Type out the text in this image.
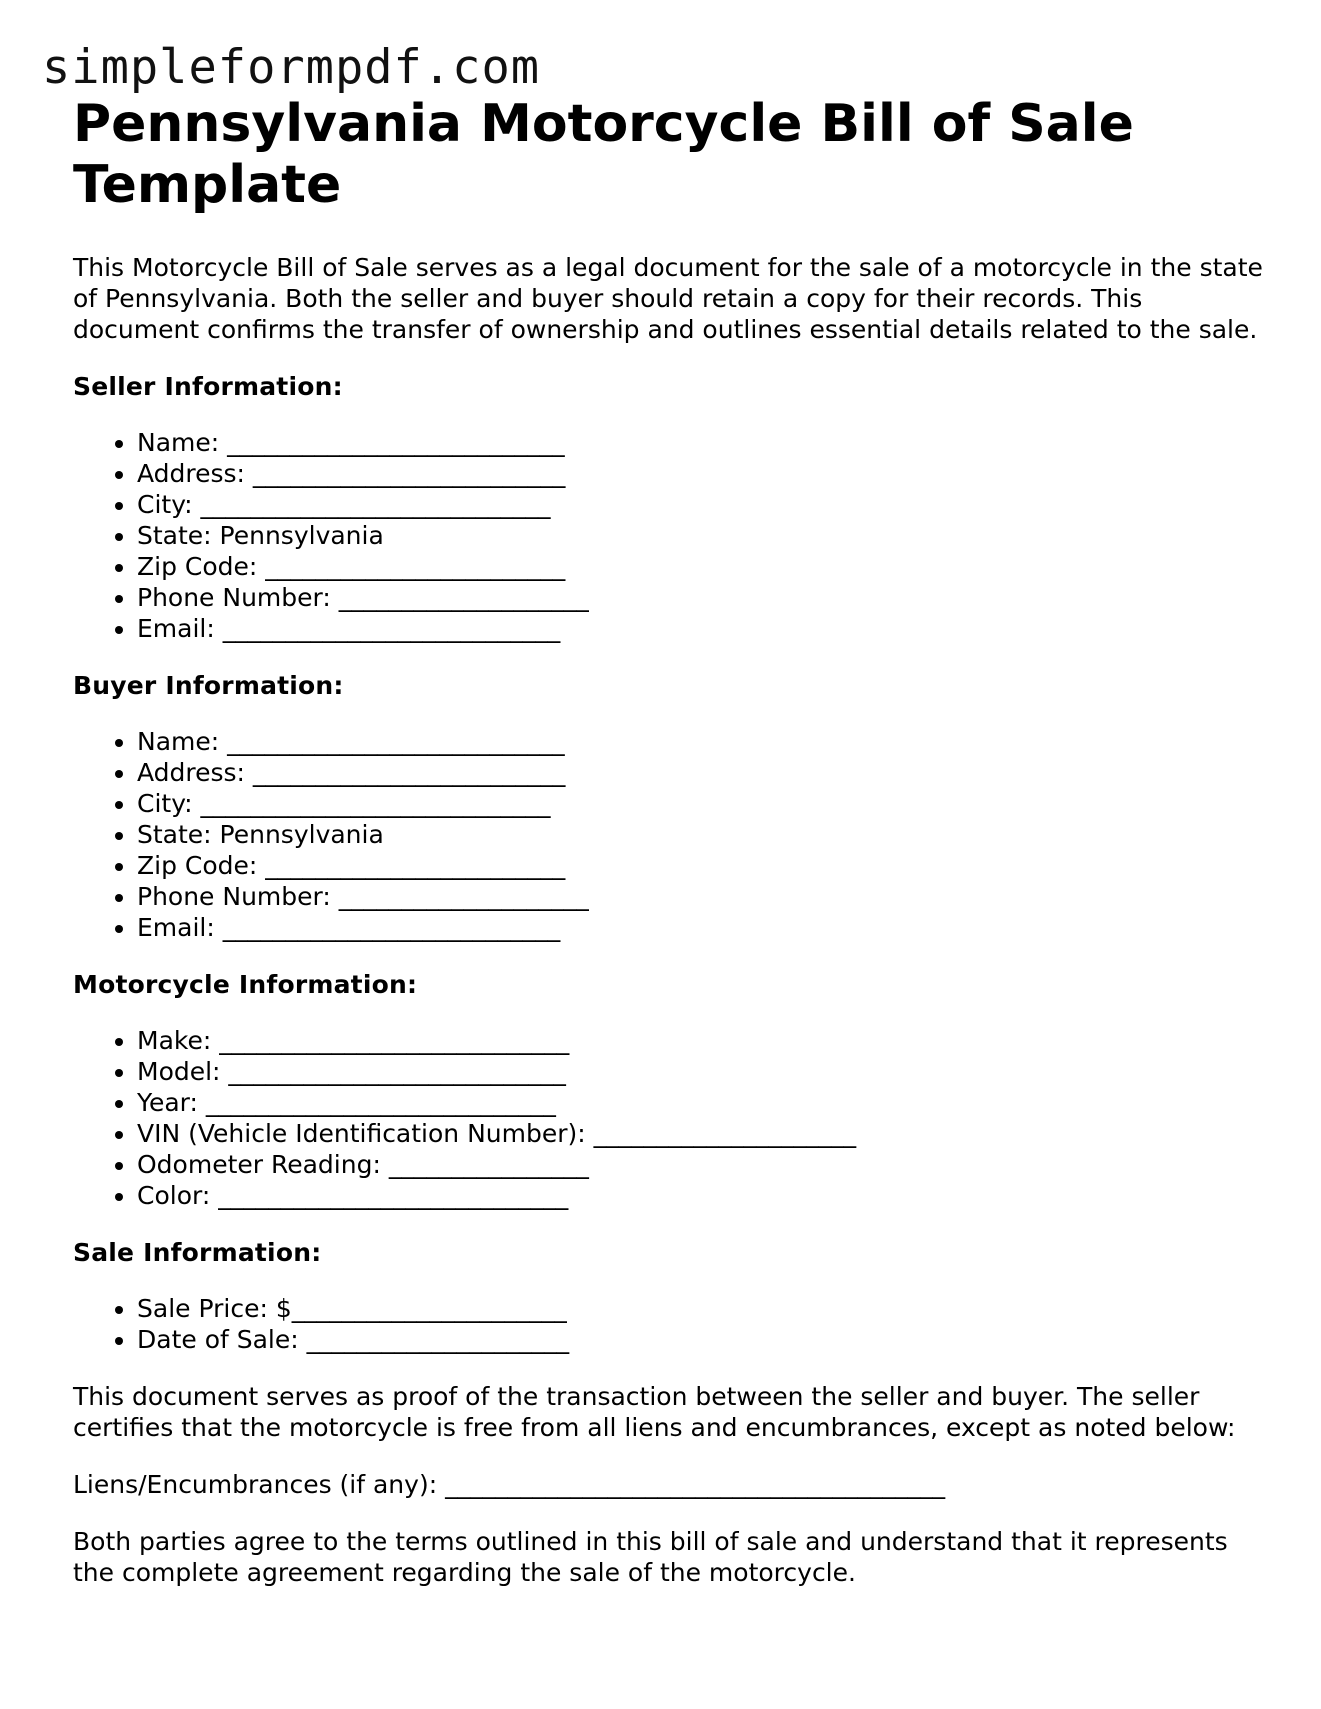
simpleformpdf.com
Pennsylvania Motorcycle Bill of Sale Template

This Motorcycle Bill of Sale serves as a legal document for the sale of a motorcycle in the state of Pennsylvania. Both the seller and buyer should retain a copy for their records. This document confirms the transfer of ownership and outlines essential details related to the sale.

Seller Information:
• Name: ___________________________
• Address: _________________________
• City: ____________________________
• State: Pennsylvania
• Zip Code: ________________________
• Phone Number: ____________________
• Email: ___________________________
Buyer Information:
• Name: ___________________________
• Address: _________________________
• City: ____________________________
• State: Pennsylvania
• Zip Code: ________________________
• Phone Number: ____________________
• Email: ___________________________
Motorcycle Information:
• Make: ____________________________
• Model: ___________________________
• Year: ____________________________
• VIN (Vehicle Identification Number): _____________________
• Odometer Reading: ________________
• Color: ____________________________
Sale Information:
• Sale Price: $______________________
• Date of Sale: _____________________

This document serves as proof of the transaction between the seller and buyer. The seller certifies that the motorcycle is free from all liens and encumbrances, except as noted below:

Liens/Encumbrances (if any): ________________________________________

Both parties agree to the terms outlined in this bill of sale and understand that it represents the complete agreement regarding the sale of the motorcycle.
